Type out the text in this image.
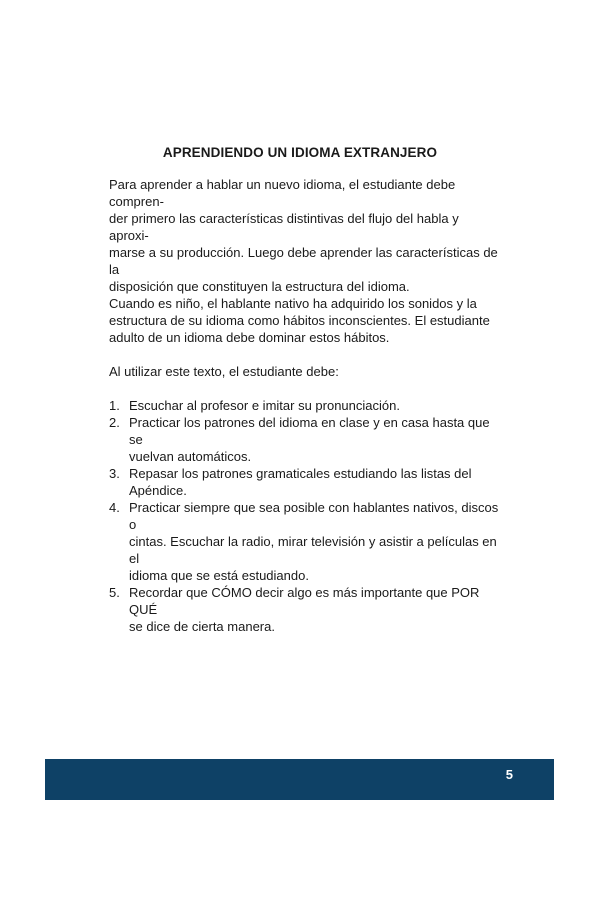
APRENDIENDO UN IDIOMA EXTRANJERO

Para aprender a hablar un nuevo idioma, el estudiante debe compren-
der primero las características distintivas del flujo del habla y aproxi-
marse a su producción. Luego debe aprender las características de la
disposición que constituyen la estructura del idioma.

Cuando es niño, el hablante nativo ha adquirido los sonidos y la
estructura de su idioma como hábitos inconscientes. El estudiante
adulto de un idioma debe dominar estos hábitos.

Al utilizar este texto, el estudiante debe:

1. Escuchar al profesor e imitar su pronunciación.
2. Practicar los patrones del idioma en clase y en casa hasta que se
vuelvan automáticos.
3. Repasar los patrones gramaticales estudiando las listas del
Apéndice.
4. Practicar siempre que sea posible con hablantes nativos, discos o
cintas. Escuchar la radio, mirar televisión y asistir a películas en el
idioma que se está estudiando.
5. Recordar que CÓMO decir algo es más importante que POR QUÉ
se dice de cierta manera.
5
